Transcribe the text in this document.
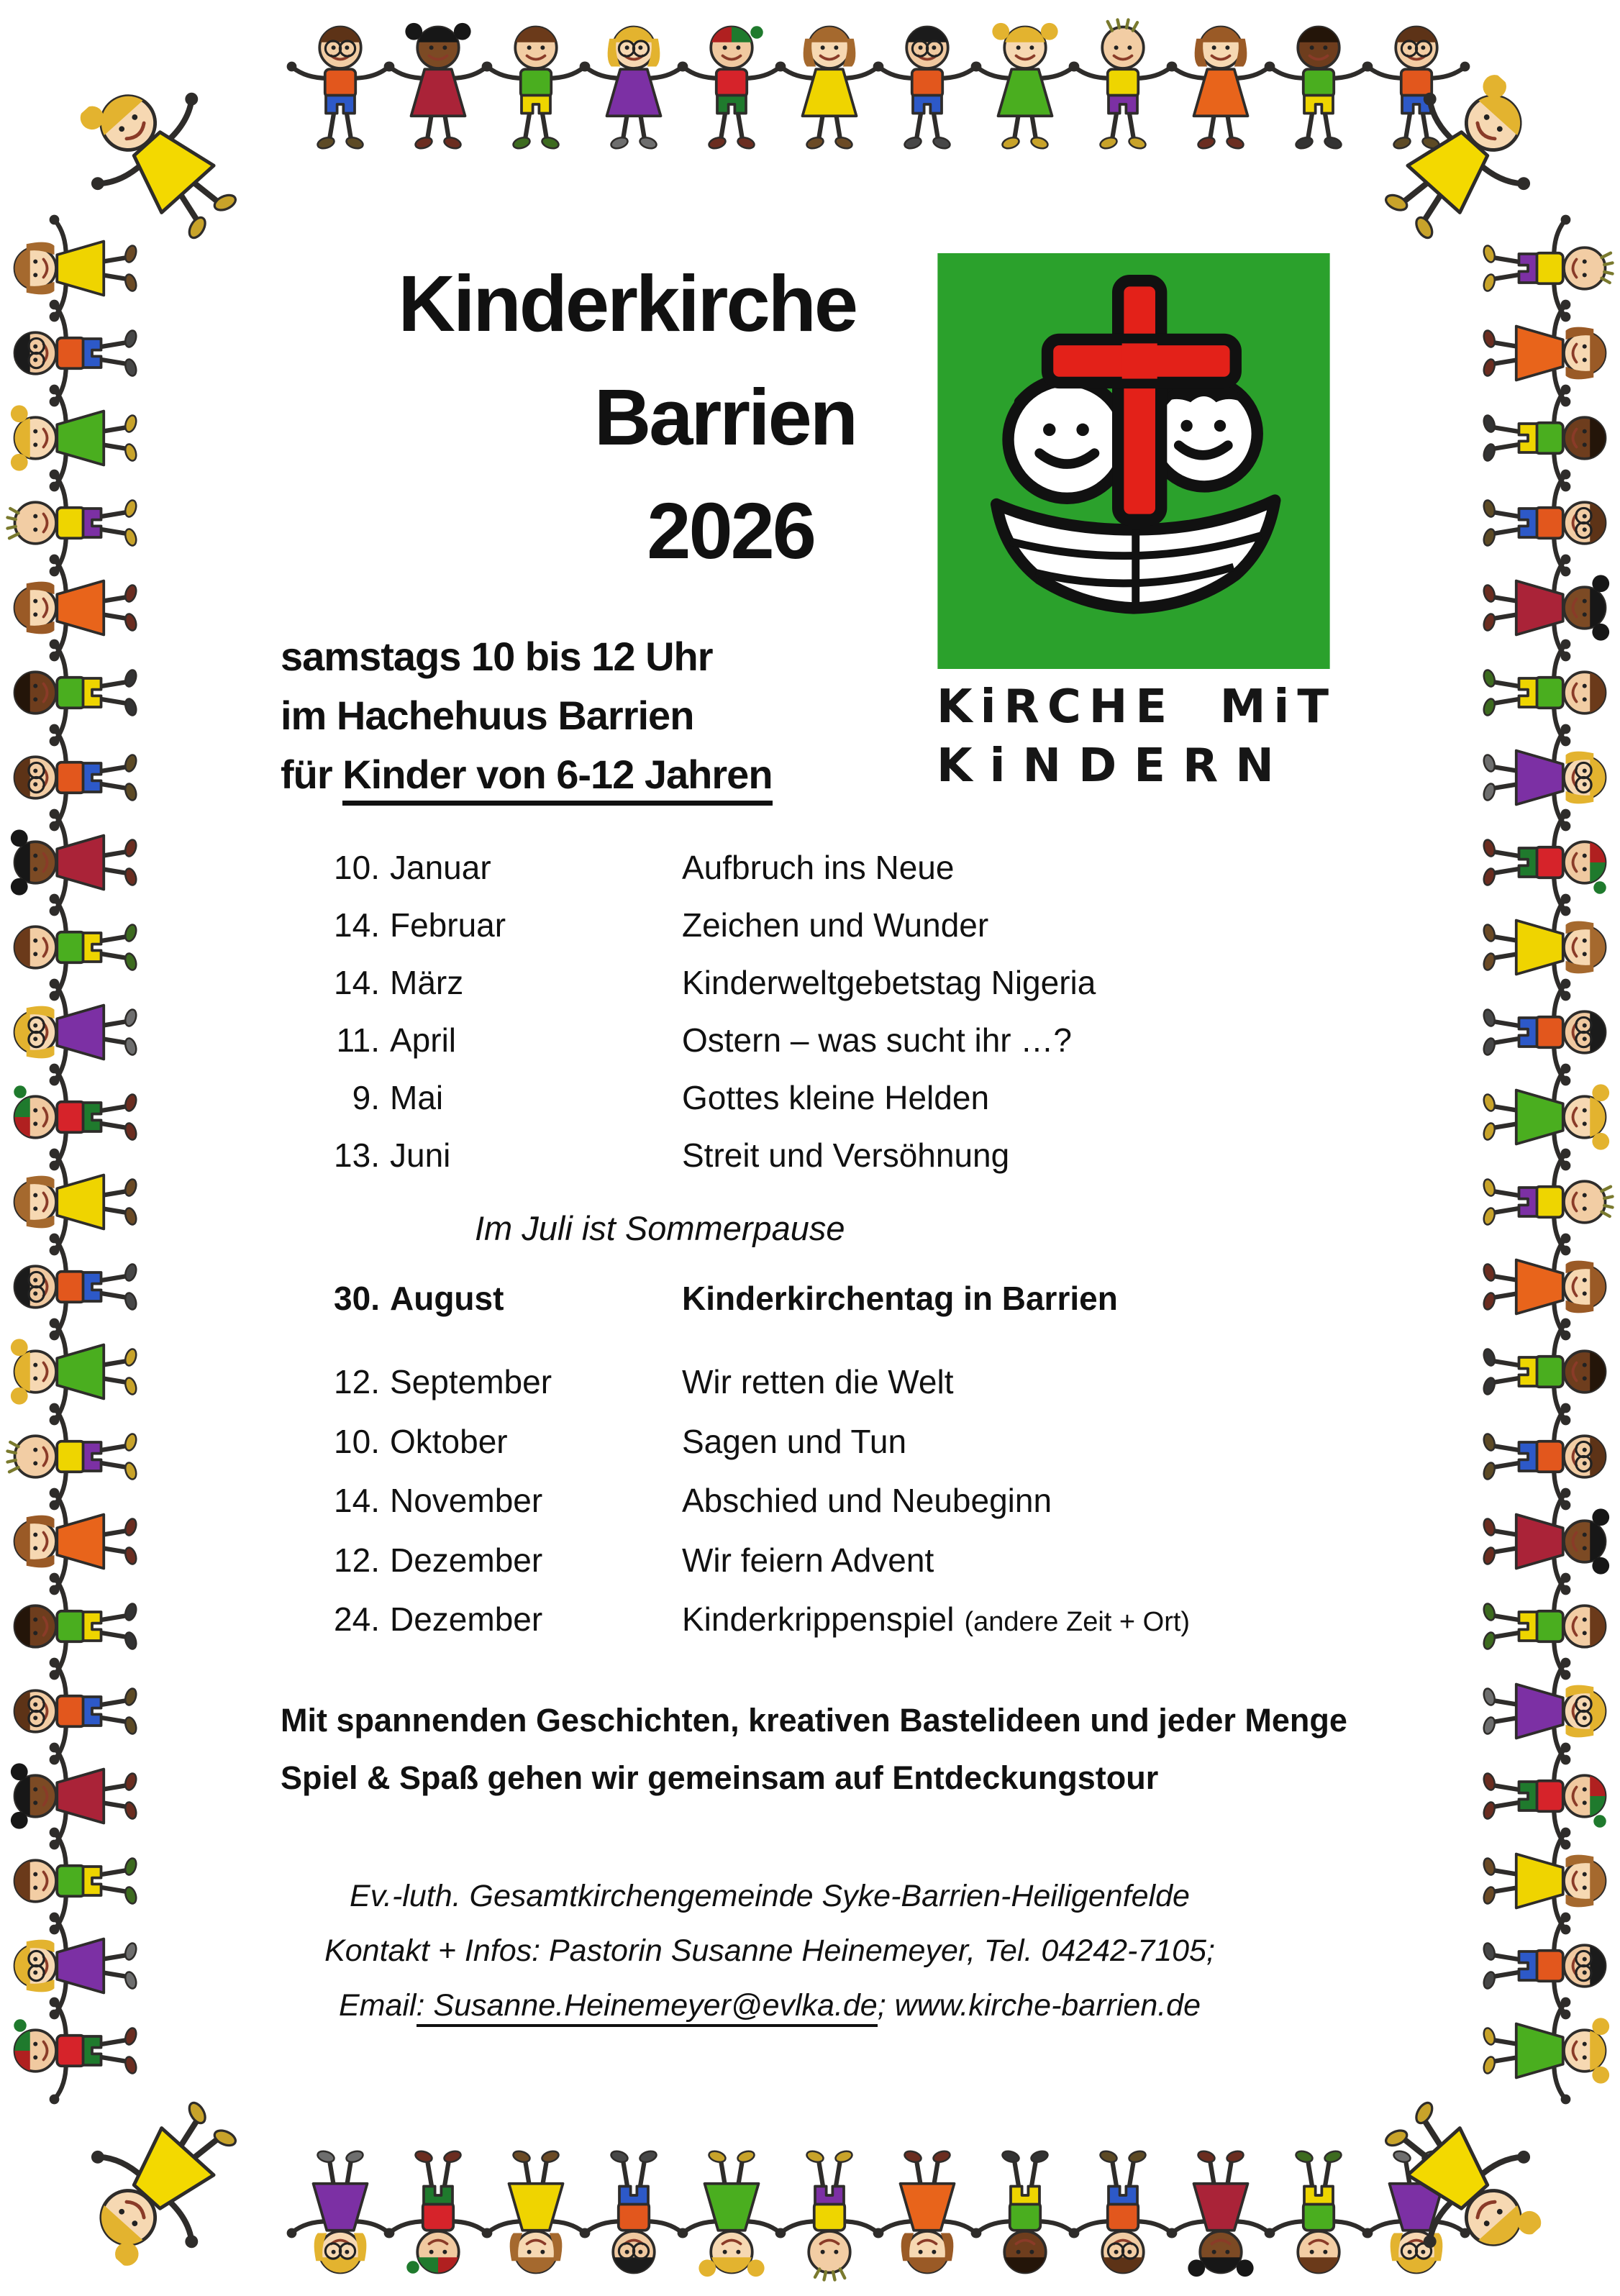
Kinderkirche
Barrien
2026
KiRCHE MiT
KiNDERN
samstags 10 bis 12 Uhr
im Hachehuus Barrien
für Kinder von 6-12 Jahren
10. Januar	Aufbruch ins Neue
14. Februar	Zeichen und Wunder
14. März	Kinderweltgebetstag Nigeria
11. April	Ostern – was sucht ihr …?
9. Mai	Gottes kleine Helden
13. Juni	Streit und Versöhnung
Im Juli ist Sommerpause
30. August	Kinderkirchentag in Barrien
12. September	Wir retten die Welt
10. Oktober	Sagen und Tun
14. November	Abschied und Neubeginn
12. Dezember	Wir feiern Advent
24. Dezember	Kinderkrippenspiel (andere Zeit + Ort)
Mit spannenden Geschichten, kreativen Bastelideen und jeder Menge
Spiel & Spaß gehen wir gemeinsam auf Entdeckungstour
Ev.-luth. Gesamtkirchengemeinde Syke-Barrien-Heiligenfelde
Kontakt + Infos: Pastorin Susanne Heinemeyer, Tel. 04242-7105;
Email: Susanne.Heinemeyer@evlka.de; www.kirche-barrien.de
